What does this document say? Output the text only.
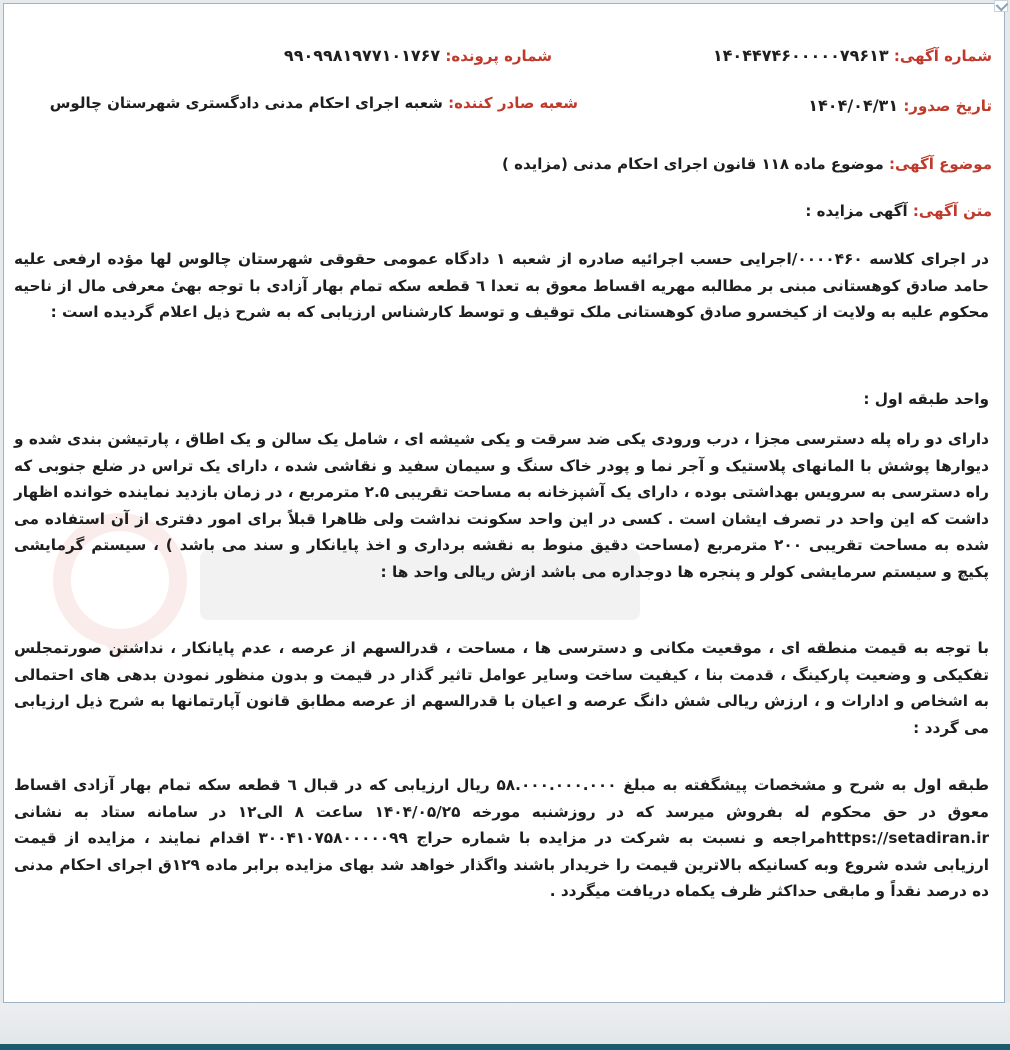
شماره آگهی: ۱۴۰۴۴۷۴۶۰۰۰۰۰۷۹۶۱۳
شماره پرونده: ۹۹۰۹۹۸۱۹۷۷۱۰۱۷۶۷
تاریخ صدور: ۱۴۰۴/۰۴/۳۱
شعبه صادر کننده: شعبه اجرای احکام مدنی دادگستری شهرستان چالوس
موضوع آگهی: موضوع ماده ۱۱۸ قانون اجرای احکام مدنی (مزایده )
متن آگهی: آگهی مزایده :

در اجرای کلاسه ۰۰۰۰۴۶۰/اجرایی حسب اجرائیه صادره از شعبه ۱ دادگاه عمومی حقوقی شهرستان چالوس لها مؤده ارفعی علیه حامد صادق کوهستانی مبنی بر مطالبه مهریه اقساط معوق به تعدا ٦ قطعه سکه تمام بهار آزادی با توجه بهیٔ معرفی مال از ناحیه محکوم علیه به ولایت از کیخسرو صادق کوهستانی ملک توقیف و توسط کارشناس ارزیابی که به شرح ذیل اعلام گردیده است :

واحد طبقه اول :

دارای دو راه پله دسترسی مجزا ، درب ورودی یکی ضد سرقت و یکی شیشه ای ، شامل یک سالن و یک اطاق ، پارتیشن بندی شده و دیوارها پوشش با المانهای پلاستیک و آجر نما و پودر خاک سنگ و سیمان سفید و نقاشی شده ، دارای یک تراس در ضلع جنوبی که راه دسترسی به سرویس بهداشتی بوده ، دارای یک آشپزخانه به مساحت تقریبی ۲.۵ مترمربع ، در زمان بازدید نماینده خوانده اظهار داشت که این واحد در تصرف ایشان است . کسی در این واحد سکونت نداشت ولی ظاهرا قبلاً برای امور دفتری از آن استفاده می شده به مساحت تقریبی ۲۰۰ مترمربع (مساحت دقیق منوط به نقشه برداری و اخذ پایانکار و سند می باشد ) ، سیستم گرمایشی پکیچ و سیستم سرمایشی کولر و پنجره ها دوجداره می باشد ازش ریالی واحد ها :

با توجه به قیمت منطقه ای ، موقعیت مکانی و دسترسی ها ، مساحت ، قدرالسهم از عرصه ، عدم پایانکار ، نداشتن صورتمجلس تفکیکی و وضعیت پارکینگ ، قدمت بنا ، کیفیت ساخت وسایر عوامل تاثیر گذار در قیمت و بدون منظور نمودن بدهی های احتمالی به اشخاص و ادارات و ، ارزش ریالی شش دانگ عرصه و اعیان با قدرالسهم از عرصه مطابق قانون آپارتمانها به شرح ذیل ارزیابی می گردد :

طبقه اول به شرح و مشخصات پیشگفته به مبلغ ۵۸.۰۰۰.۰۰۰.۰۰۰ ریال ارزیابی که در قبال ٦ قطعه سکه تمام بهار آزادی اقساط معوق در حق محکوم له بفروش میرسد که در روزشنبه مورخه ۱۴۰۴/۰۵/۲۵ ساعت ۸ الی۱۲ در سامانه ستاد به نشانی https://setadiran.irمراجعه و نسبت به شرکت در مزایده با شماره حراج ۳۰۰۴۱۰۷۵۸۰۰۰۰۰۹۹ اقدام نمایند ، مزایده از قیمت ارزیابی شده شروع وبه کسانیکه بالاترین قیمت را خریدار باشند واگذار خواهد شد بهای مزایده برابر ماده ۱۲۹ق اجرای احکام مدنی ده درصد نقداً و مابقی حداکثر ظرف یکماه دریافت میگردد .
